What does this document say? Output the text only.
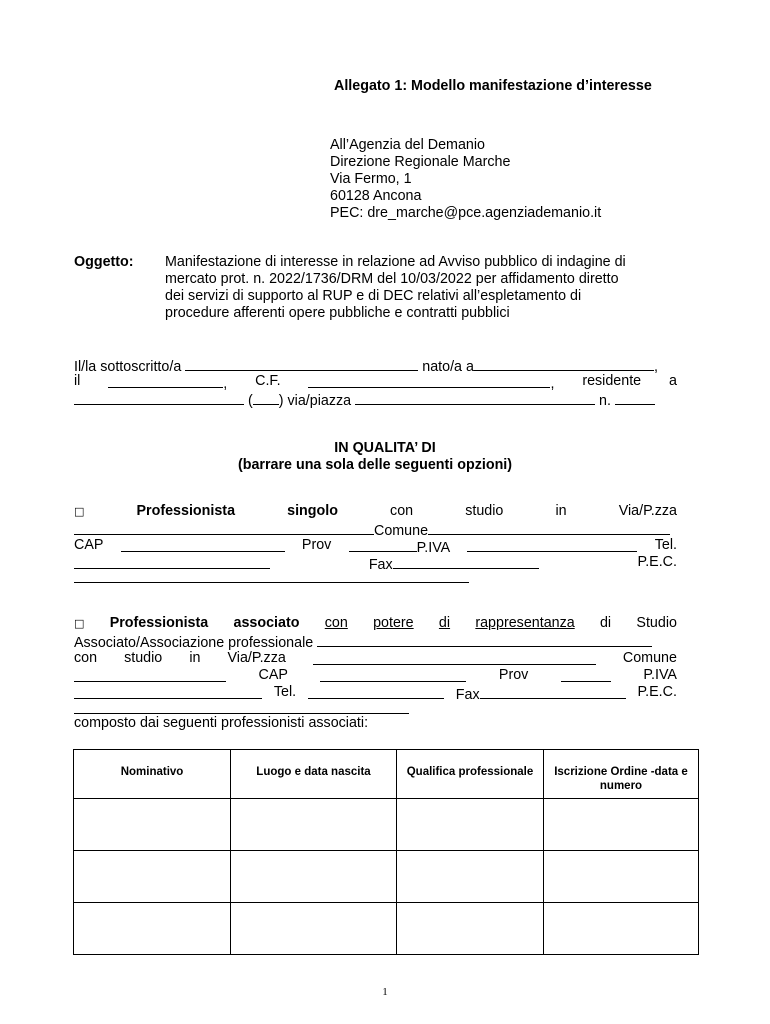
Allegato 1: Modello manifestazione d’interesse
All’Agenzia del Demanio
Direzione Regionale Marche
Via Fermo, 1
60128 Ancona
PEC: dre_marche@pce.agenziademanio.it
Oggetto: Manifestazione di interesse in relazione ad Avviso pubblico di indagine di
mercato prot. n. 2022/1736/DRM del 10/03/2022 per affidamento diretto
dei servizi di supporto al RUP e di DEC relativi all’espletamento di
procedure afferenti opere pubbliche e contratti pubblici
Il/la sottoscritto/a	nato/a a	,
il	, C.F.	, residente a
( ) via/piazza	n.
IN QUALITA’ DI
(barrare una sola delle seguenti opzioni)
□	Professionista	singolo	con	studio	in	Via/P.zza
Comune
CAP	Prov	P.IVA	Tel.
Fax	P.E.C.
□ Professionista associato con potere di rappresentanza di Studio
Associato/Associazione professionale
con studio in Via/P.zza	Comune
CAP	Prov	P.IVA
Tel.	Fax	P.E.C.
composto dai seguenti professionisti associati:
Nominativo	Luogo e data nascita	Qualifica professionale	Iscrizione Ordine -data e numero

1
